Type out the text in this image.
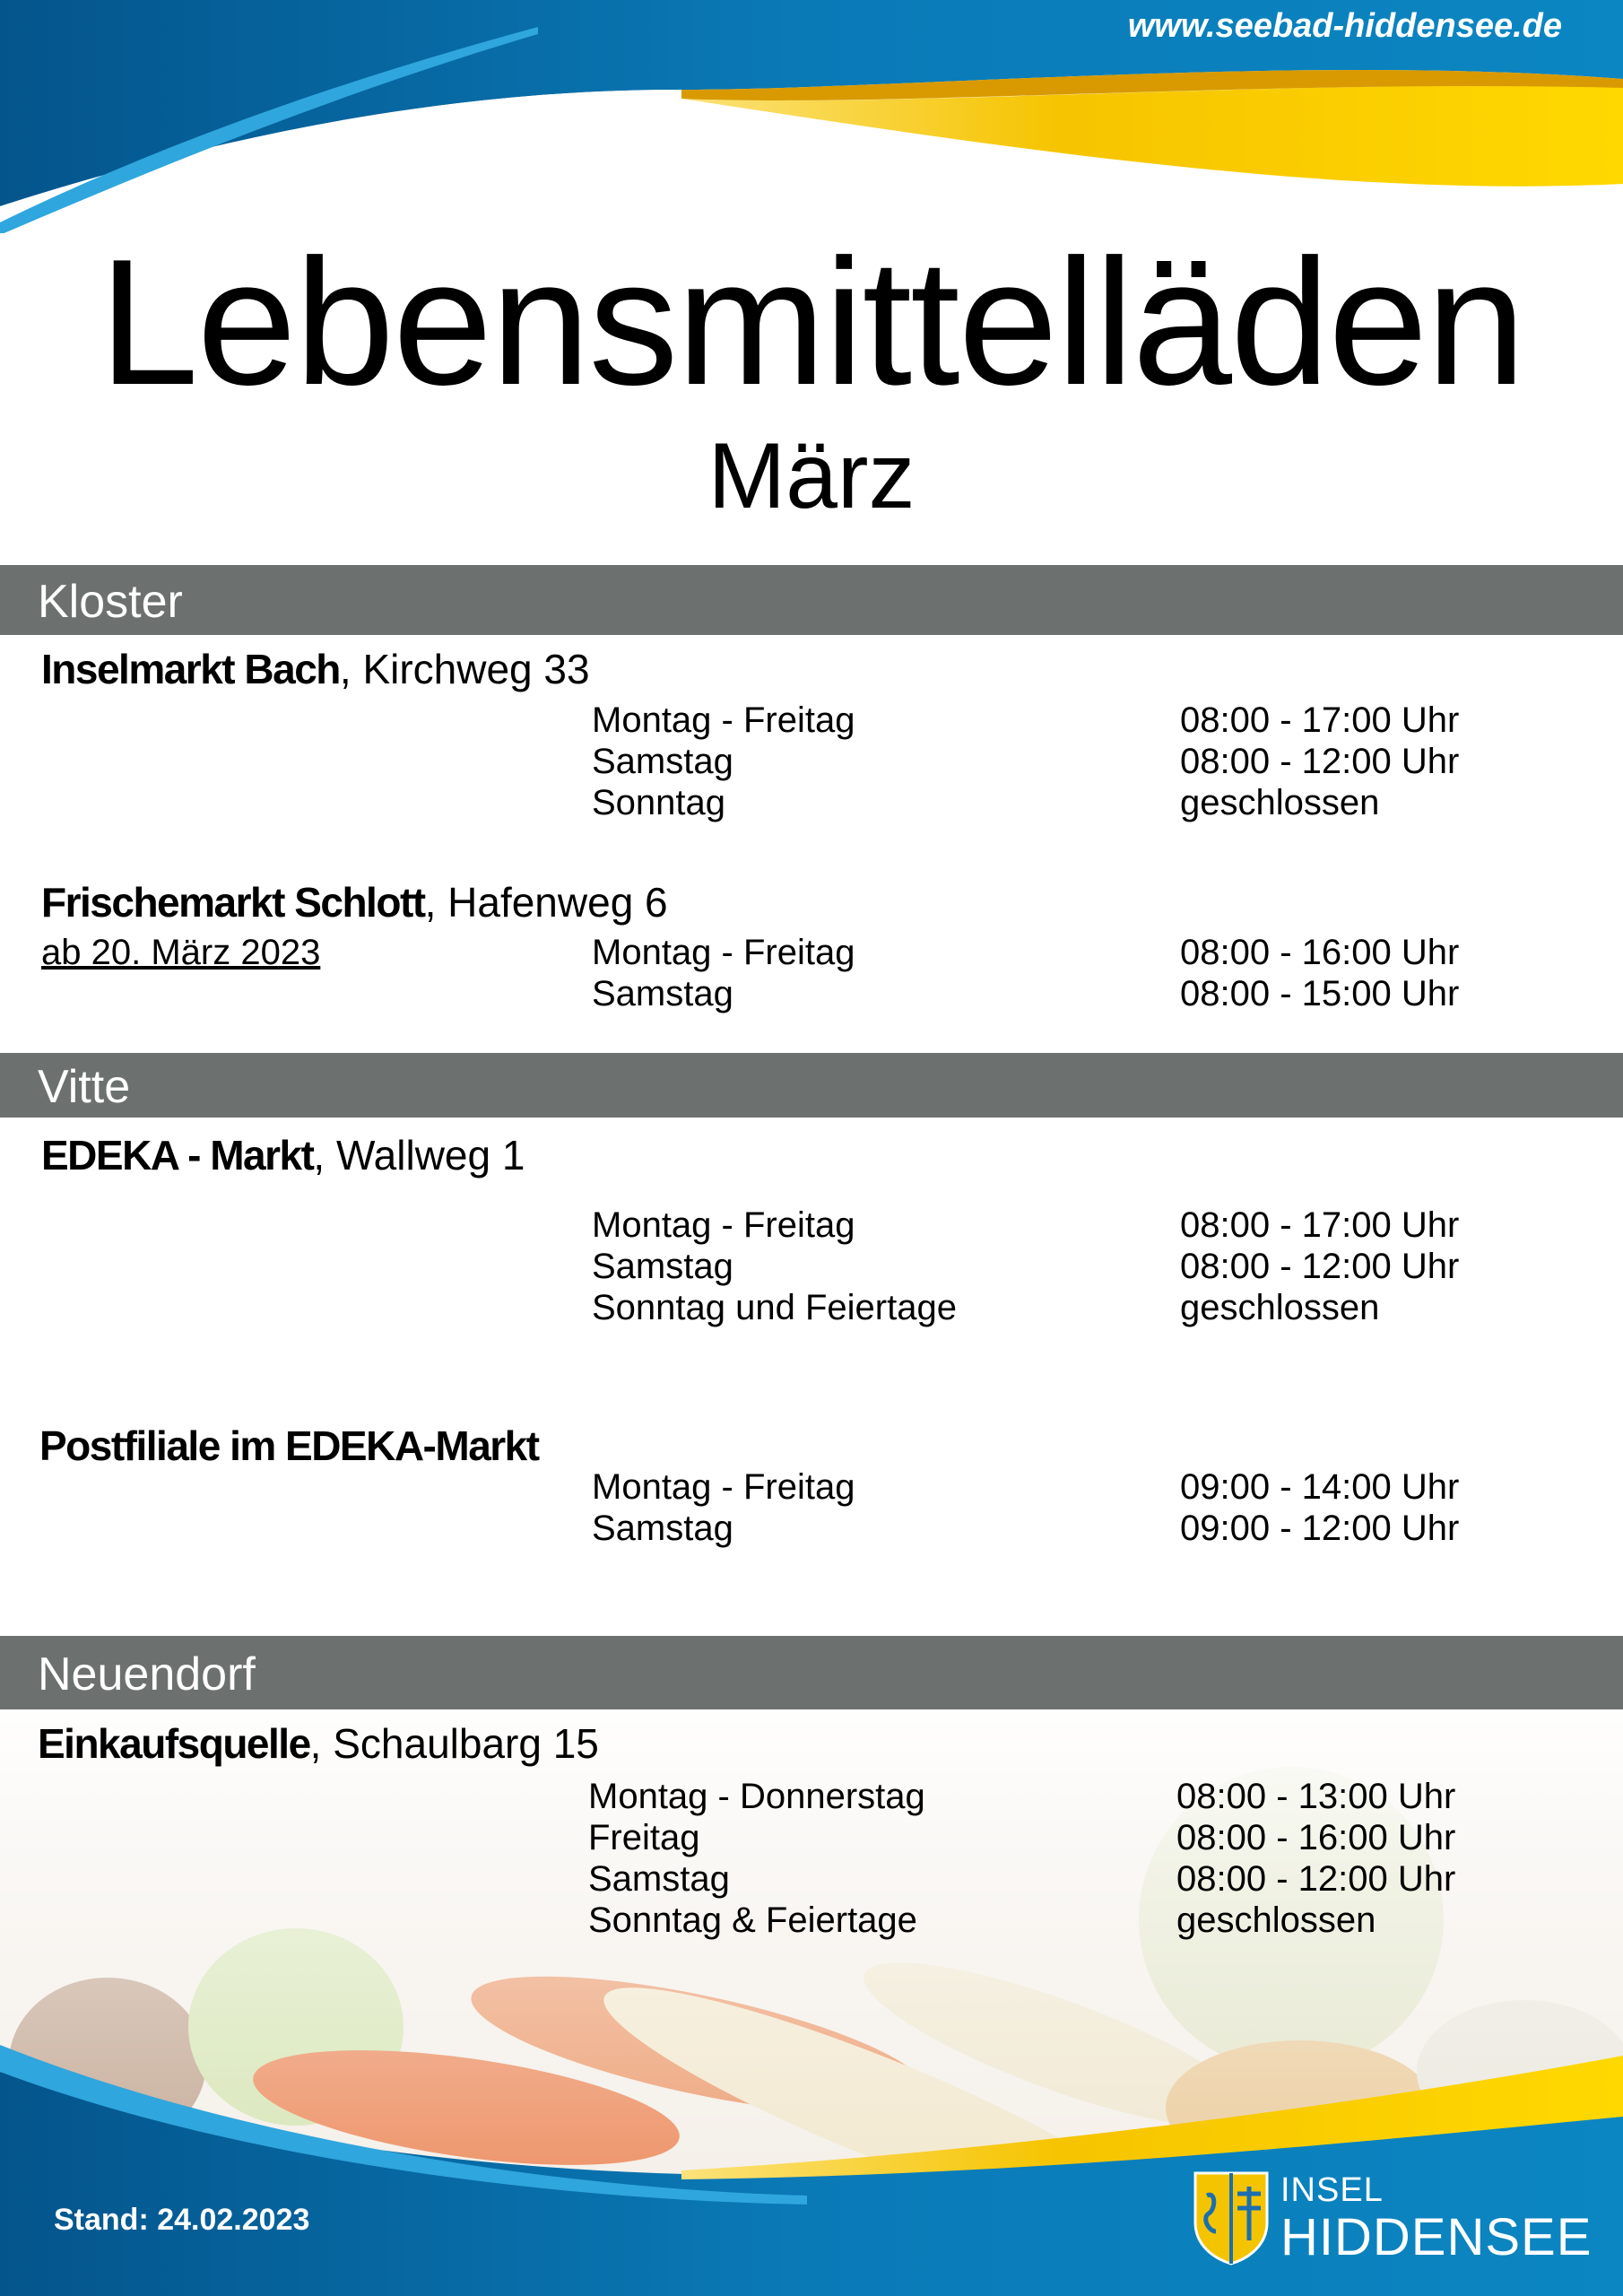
www.seebad-hiddensee.de
Lebensmittelläden
März
Kloster
Inselmarkt Bach, Kirchweg 33
Montag - Freitag	08:00 - 17:00 Uhr
Samstag	08:00 - 12:00 Uhr
Sonntag	geschlossen
Frischemarkt Schlott, Hafenweg 6
ab 20. März 2023	Montag - Freitag	08:00 - 16:00 Uhr
Samstag	08:00 - 15:00 Uhr
Vitte
EDEKA - Markt, Wallweg 1
Montag - Freitag	08:00 - 17:00 Uhr
Samstag	08:00 - 12:00 Uhr
Sonntag und Feiertage	geschlossen
Postfiliale im EDEKA-Markt
Montag - Freitag	09:00 - 14:00 Uhr
Samstag	09:00 - 12:00 Uhr
Neuendorf
Einkaufsquelle, Schaulbarg 15
Montag - Donnerstag	08:00 - 13:00 Uhr
Freitag	08:00 - 16:00 Uhr
Samstag	08:00 - 12:00 Uhr
Sonntag & Feiertage	geschlossen
Stand: 24.02.2023
INSEL
HIDDENSEE
